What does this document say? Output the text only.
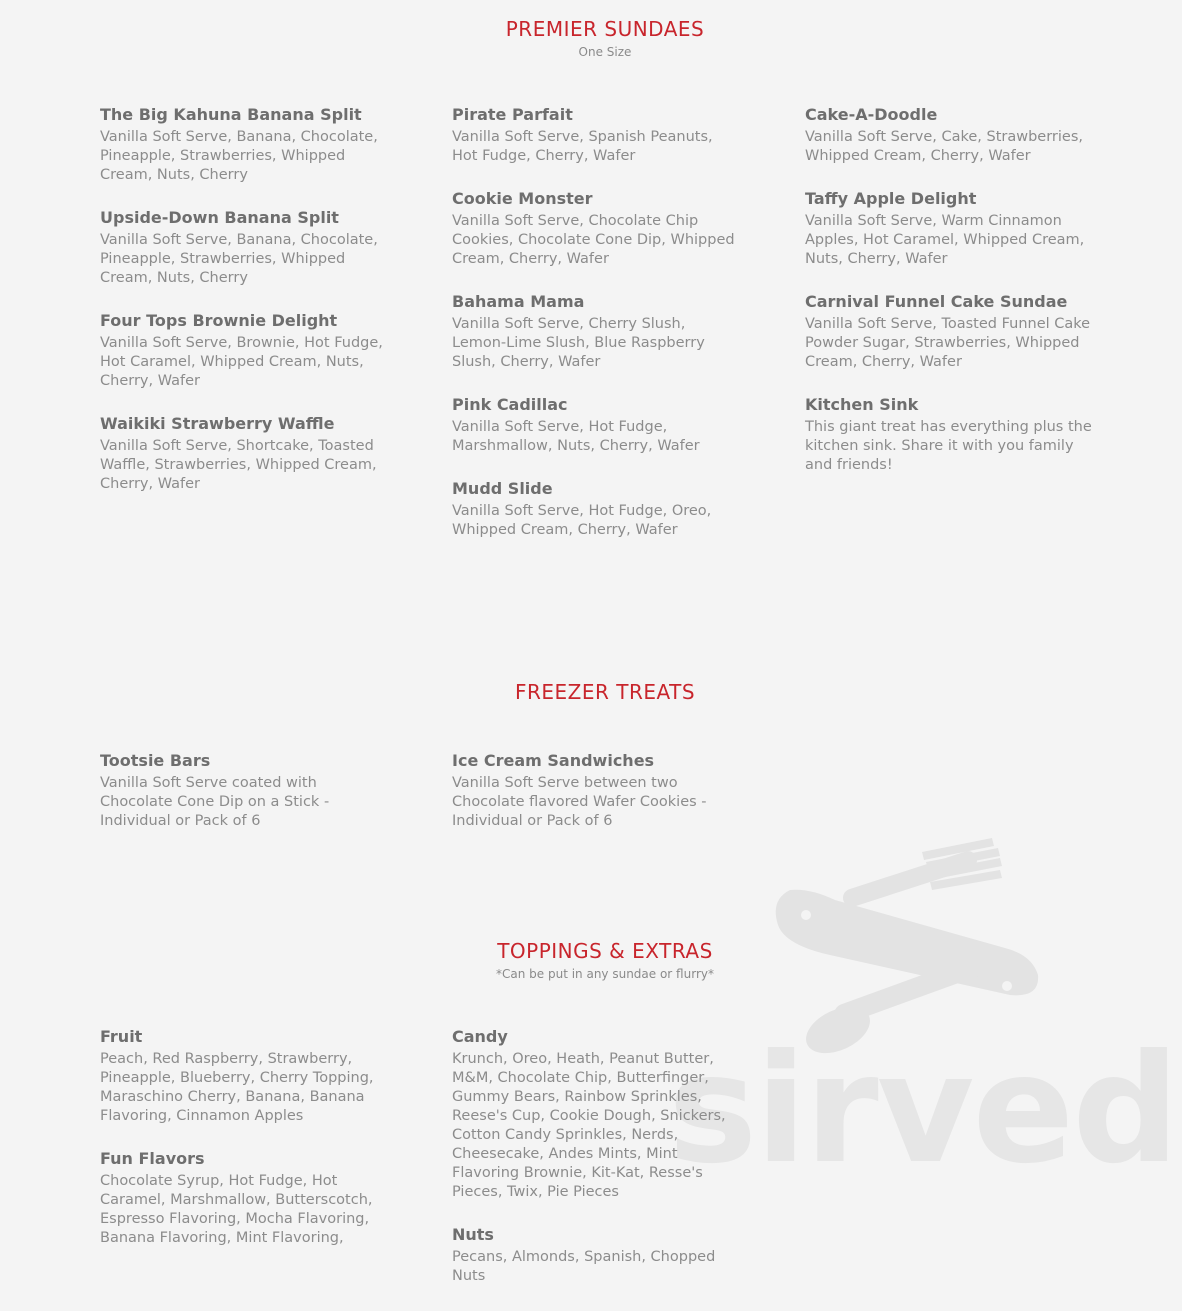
PREMIER SUNDAES
One Size
The Big Kahuna Banana Split
Vanilla Soft Serve, Banana, Chocolate, Pineapple, Strawberries, Whipped Cream, Nuts, Cherry
Upside-Down Banana Split
Vanilla Soft Serve, Banana, Chocolate, Pineapple, Strawberries, Whipped Cream, Nuts, Cherry
Four Tops Brownie Delight
Vanilla Soft Serve, Brownie, Hot Fudge, Hot Caramel, Whipped Cream, Nuts, Cherry, Wafer
Waikiki Strawberry Waffle
Vanilla Soft Serve, Shortcake, Toasted Waffle, Strawberries, Whipped Cream, Cherry, Wafer
Pirate Parfait
Vanilla Soft Serve, Spanish Peanuts, Hot Fudge, Cherry, Wafer
Cookie Monster
Vanilla Soft Serve, Chocolate Chip Cookies, Chocolate Cone Dip, Whipped Cream, Cherry, Wafer
Bahama Mama
Vanilla Soft Serve, Cherry Slush, Lemon-Lime Slush, Blue Raspberry Slush, Cherry, Wafer
Pink Cadillac
Vanilla Soft Serve, Hot Fudge, Marshmallow, Nuts, Cherry, Wafer
Mudd Slide
Vanilla Soft Serve, Hot Fudge, Oreo, Whipped Cream, Cherry, Wafer
Cake-A-Doodle
Vanilla Soft Serve, Cake, Strawberries, Whipped Cream, Cherry, Wafer
Taffy Apple Delight
Vanilla Soft Serve, Warm Cinnamon Apples, Hot Caramel, Whipped Cream, Nuts, Cherry, Wafer
Carnival Funnel Cake Sundae
Vanilla Soft Serve, Toasted Funnel Cake Powder Sugar, Strawberries, Whipped Cream, Cherry, Wafer
Kitchen Sink
This giant treat has everything plus the kitchen sink. Share it with you family and friends!
FREEZER TREATS
Tootsie Bars
Vanilla Soft Serve coated with Chocolate Cone Dip on a Stick - Individual or Pack of 6
Ice Cream Sandwiches
Vanilla Soft Serve between two Chocolate flavored Wafer Cookies - Individual or Pack of 6
sirved
TOPPINGS & EXTRAS
*Can be put in any sundae or flurry*
Fruit
Peach, Red Raspberry, Strawberry, Pineapple, Blueberry, Cherry Topping, Maraschino Cherry, Banana, Banana Flavoring, Cinnamon Apples
Fun Flavors
Chocolate Syrup, Hot Fudge, Hot Caramel, Marshmallow, Butterscotch, Espresso Flavoring, Mocha Flavoring, Banana Flavoring, Mint Flavoring,
Candy
Krunch, Oreo, Heath, Peanut Butter, M&M, Chocolate Chip, Butterfinger, Gummy Bears, Rainbow Sprinkles, Reese's Cup, Cookie Dough, Snickers, Cotton Candy Sprinkles, Nerds, Cheesecake, Andes Mints, Mint Flavoring Brownie, Kit-Kat, Resse's Pieces, Twix, Pie Pieces
Nuts
Pecans, Almonds, Spanish, Chopped Nuts
